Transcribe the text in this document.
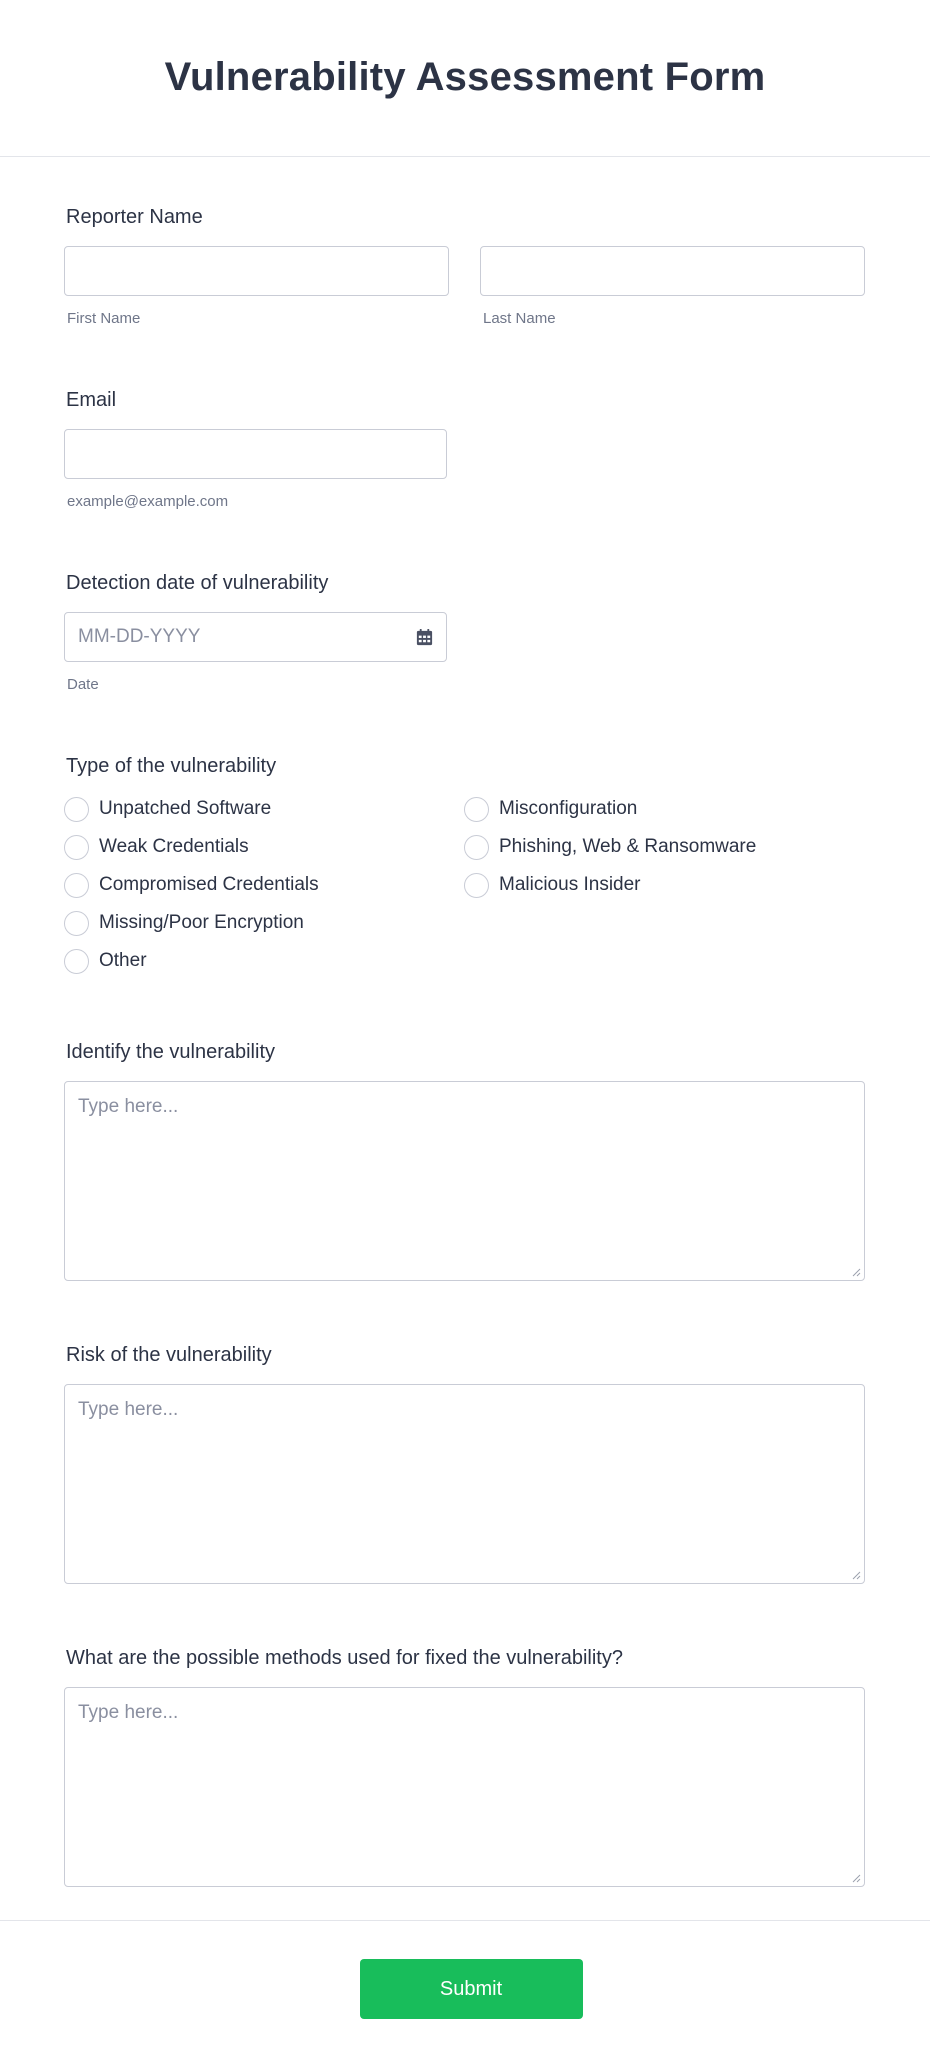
Vulnerability Assessment Form
Reporter Name
First Name	Last Name
Email
example@example.com
Detection date of vulnerability
MM-DD-YYYY
Date
Type of the vulnerability
Unpatched Software	Misconfiguration
Weak Credentials	Phishing, Web & Ransomware
Compromised Credentials	Malicious Insider
Missing/Poor Encryption
Other
Identify the vulnerability
Type here...
Risk of the vulnerability
Type here...
What are the possible methods used for fixed the vulnerability?
Type here...
Submit
